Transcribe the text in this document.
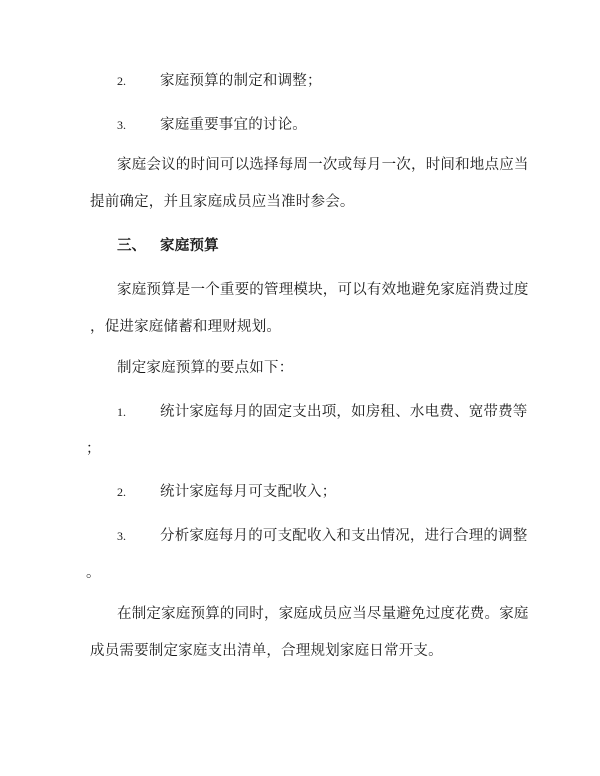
2. 家庭预算的制定和调整；
3. 家庭重要事宜的讨论。
家庭会议的时间可以选择每周一次或每月一次，时间和地点应当
提前确定，并且家庭成员应当准时参会。
三、 家庭预算
家庭预算是一个重要的管理模块，可以有效地避免家庭消费过度
，促进家庭储蓄和理财规划。
制定家庭预算的要点如下：
1. 统计家庭每月的固定支出项，如房租、水电费、宽带费等
；
2. 统计家庭每月可支配收入；
3. 分析家庭每月的可支配收入和支出情况，进行合理的调整
。
在制定家庭预算的同时，家庭成员应当尽量避免过度花费。家庭
成员需要制定家庭支出清单，合理规划家庭日常开支。
